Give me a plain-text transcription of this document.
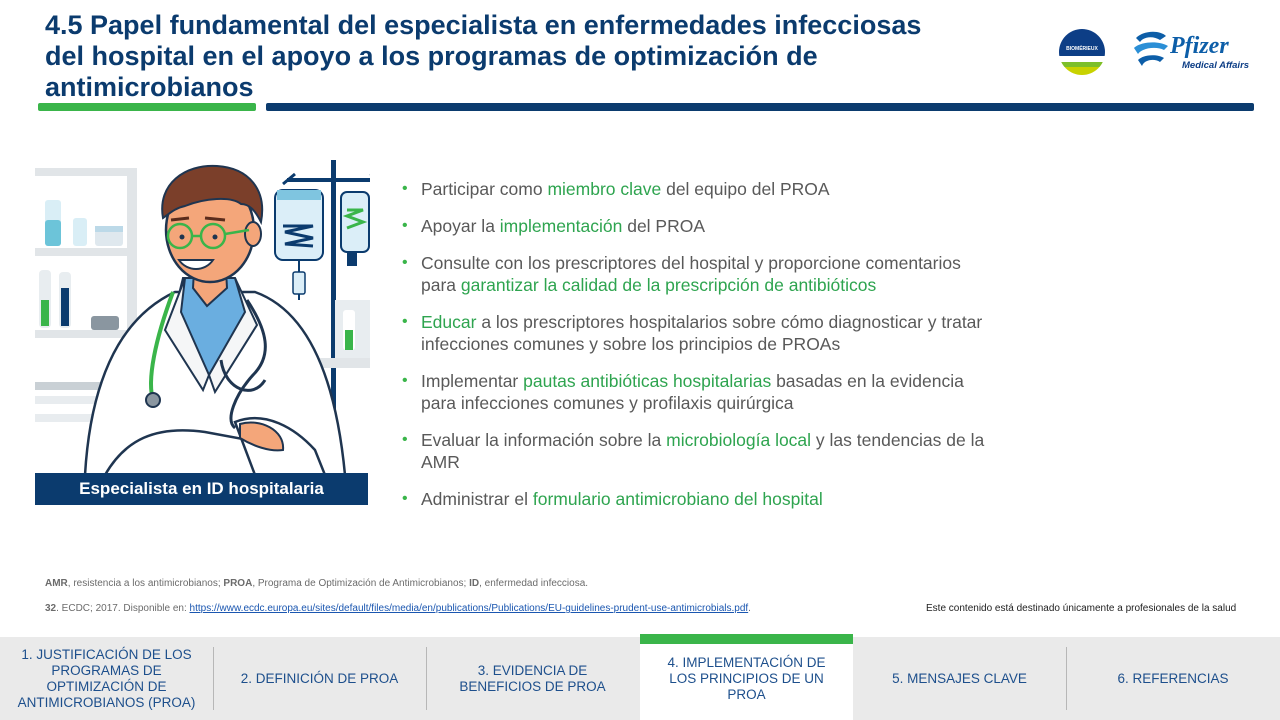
4.5 Papel fundamental del especialista en enfermedades infecciosas
del hospital en el apoyo a los programas de optimización de
antimicrobianos
BIOMÉRIEUX	Pfizer
Medical Affairs
Especialista en ID hospitalaria
• Participar como miembro clave del equipo del PROA
• Apoyar la implementación del PROA
• Consulte con los prescriptores del hospital y proporcione comentarios para garantizar la calidad de la prescripción de antibióticos
• Educar a los prescriptores hospitalarios sobre cómo diagnosticar y tratar infecciones comunes y sobre los principios de PROAs
• Implementar pautas antibióticas hospitalarias basadas en la evidencia para infecciones comunes y profilaxis quirúrgica
• Evaluar la información sobre la microbiología local y las tendencias de la AMR
• Administrar el formulario antimicrobiano del hospital
AMR, resistencia a los antimicrobianos; PROA, Programa de Optimización de Antimicrobianos; ID, enfermedad infecciosa.
32. ECDC; 2017. Disponible en: https://www.ecdc.europa.eu/sites/default/files/media/en/publications/Publications/EU-guidelines-prudent-use-antimicrobials.pdf.	Este contenido está destinado únicamente a profesionales de la salud
1. JUSTIFICACIÓN DE LOS PROGRAMAS DE OPTIMIZACIÓN DE ANTIMICROBIANOS (PROA)
2. DEFINICIÓN DE PROA
3. EVIDENCIA DE BENEFICIOS DE PROA
4. IMPLEMENTACIÓN DE LOS PRINCIPIOS DE UN PROA
5. MENSAJES CLAVE	6. REFERENCIAS
